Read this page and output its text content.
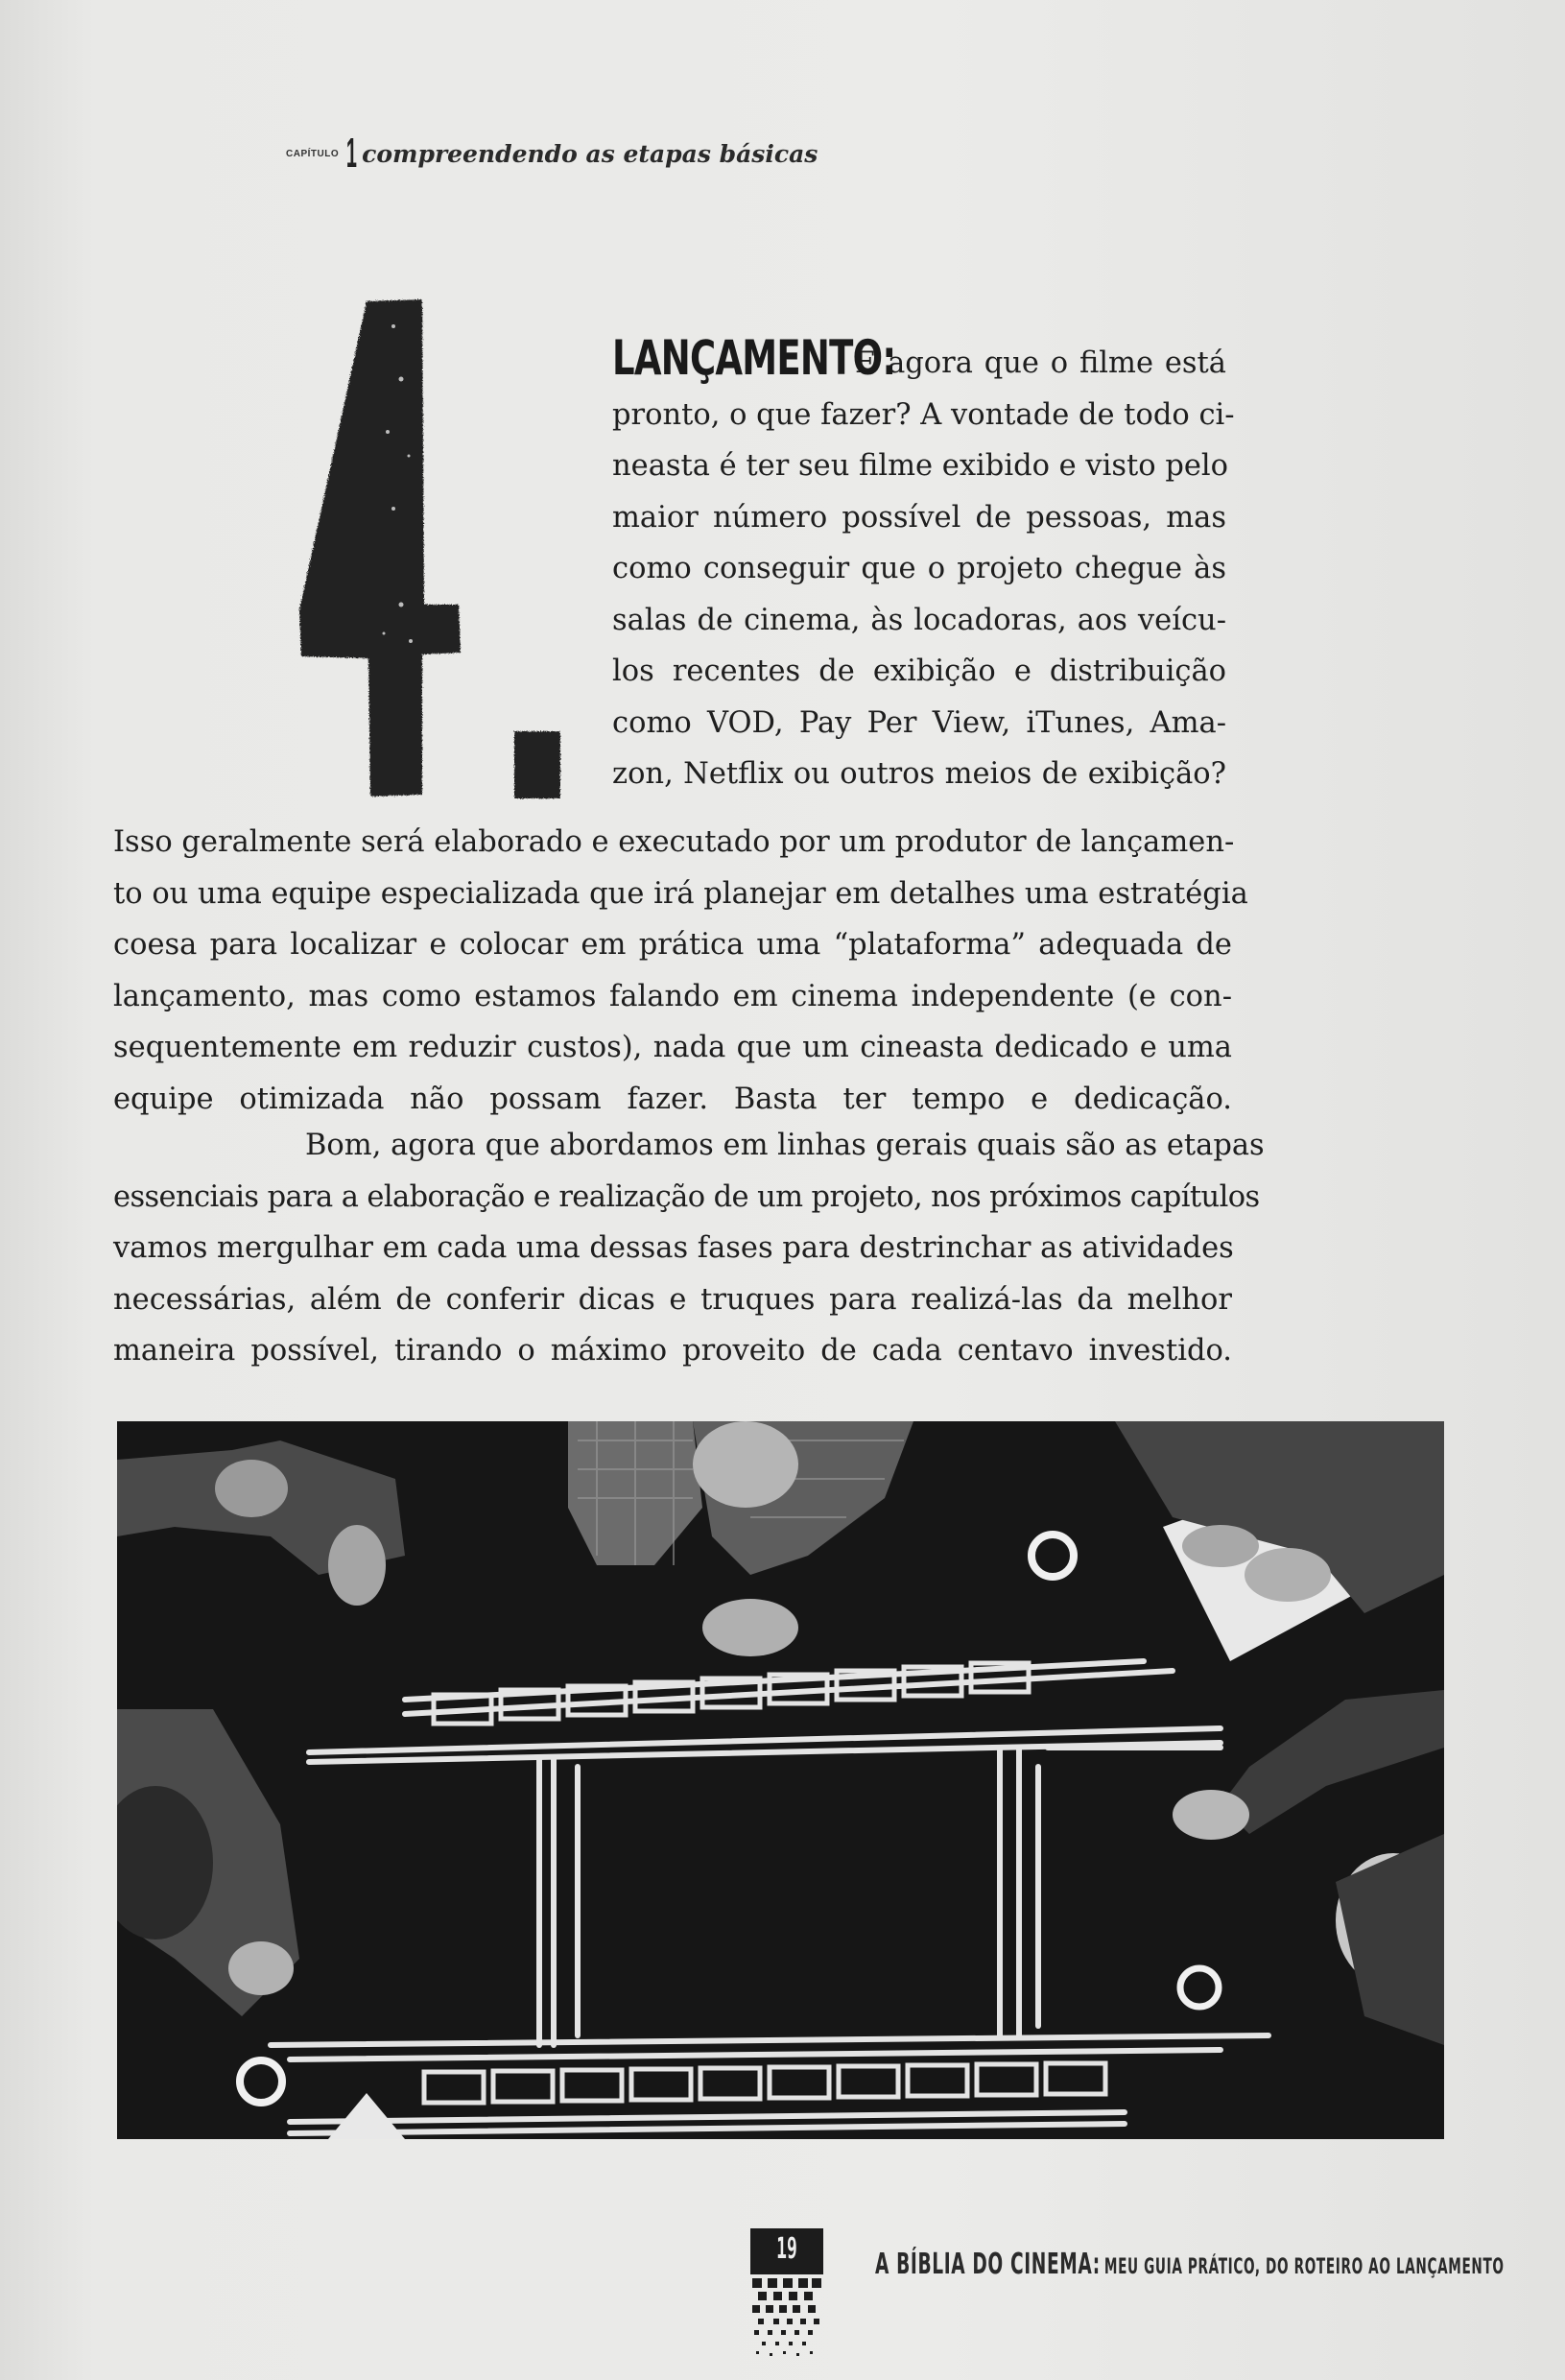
CAPÍTULO 1 compreendendo as etapas básicas
LANÇAMENTO:E agora que o filme está
pronto, o que fazer? A vontade de todo ci-
neasta é ter seu filme exibido e visto pelo
maior número possível de pessoas, mas
como conseguir que o projeto chegue às
salas de cinema, às locadoras, aos veícu-
los recentes de exibição e distribuição
como VOD, Pay Per View, iTunes, Ama-
zon, Netflix ou outros meios de exibição?
Isso geralmente será elaborado e executado por um produtor de lançamen-
to ou uma equipe especializada que irá planejar em detalhes uma estratégia
coesa para localizar e colocar em prática uma “plataforma” adequada de
lançamento, mas como estamos falando em cinema independente (e con-
sequentemente em reduzir custos), nada que um cineasta dedicado e uma
equipe otimizada não possam fazer. Basta ter tempo e dedicação.
Bom, agora que abordamos em linhas gerais quais são as etapas
essenciais para a elaboração e realização de um projeto, nos próximos capítulos
vamos mergulhar em cada uma dessas fases para destrinchar as atividades
necessárias, além de conferir dicas e truques para realizá-las da melhor
maneira possível, tirando o máximo proveito de cada centavo investido.
19	A BÍBLIA DO CINEMA: MEU GUIA PRÁTICO, DO ROTEIRO AO LANÇAMENTO
